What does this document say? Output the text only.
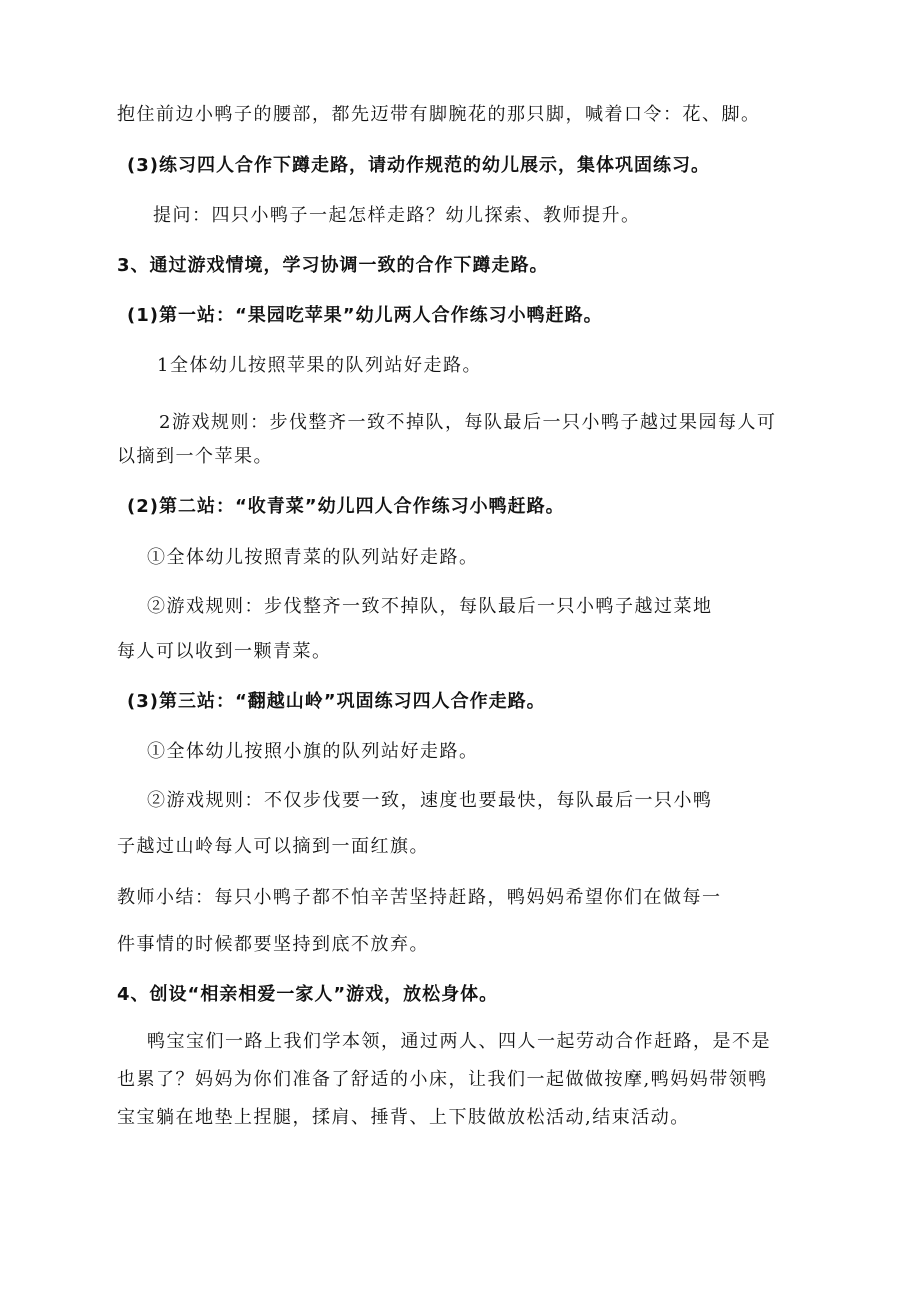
抱住前边小鸭子的腰部，都先迈带有脚腕花的那只脚，喊着口令：花、脚。
(3)练习四人合作下蹲走路，请动作规范的幼儿展示，集体巩固练习。
提问：四只小鸭子一起怎样走路？幼儿探索、教师提升。
3、通过游戏情境，学习协调一致的合作下蹲走路。
(1)第一站：“果园吃苹果”幼儿两人合作练习小鸭赶路。
1全体幼儿按照苹果的队列站好走路。
2游戏规则：步伐整齐一致不掉队，每队最后一只小鸭子越过果园每人可
以摘到一个苹果。
(2)第二站：“收青菜”幼儿四人合作练习小鸭赶路。
①全体幼儿按照青菜的队列站好走路。
②游戏规则：步伐整齐一致不掉队，每队最后一只小鸭子越过菜地
每人可以收到一颗青菜。
(3)第三站：“翻越山岭”巩固练习四人合作走路。
①全体幼儿按照小旗的队列站好走路。
②游戏规则：不仅步伐要一致，速度也要最快，每队最后一只小鸭
子越过山岭每人可以摘到一面红旗。
教师小结：每只小鸭子都不怕辛苦坚持赶路，鸭妈妈希望你们在做每一
件事情的时候都要坚持到底不放弃。
4、创设“相亲相爱一家人”游戏，放松身体。
鸭宝宝们一路上我们学本领，通过两人、四人一起劳动合作赶路，是不是
也累了？妈妈为你们准备了舒适的小床，让我们一起做做按摩,鸭妈妈带领鸭
宝宝躺在地垫上捏腿，揉肩、捶背、上下肢做放松活动,结束活动。
